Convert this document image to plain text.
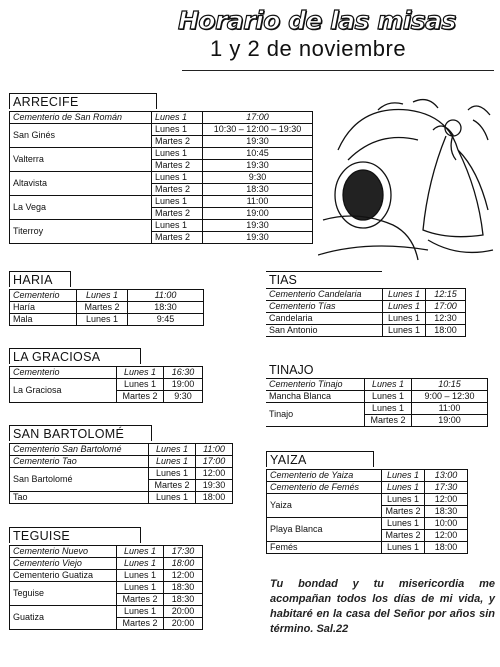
Horario de las misas
1 y 2 de noviembre
ARRECIFE
Cementerio de San Román	Lunes 1	17:00
San Ginés	Lunes 1	10:30 – 12:00 – 19:30
	Martes 2	19:30
Valterra	Lunes 1	10:45
	Martes 2	19:30
Altavista	Lunes 1	9:30
	Martes 2	18:30
La Vega	Lunes 1	11:00
	Martes 2	19:00
Titerroy	Lunes 1	19:30
	Martes 2	19:30
HARIA
Cementerio	Lunes 1	11:00
Haría	Martes 2	18:30
Mala	Lunes 1	9:45
LA GRACIOSA
Cementerio	Lunes 1	16:30
La Graciosa	Lunes 1	19:00
	Martes 2	9:30
SAN BARTOLOMÉ
Cementerio San Bartolomé	Lunes 1	11:00
Cementerio Tao	Lunes 1	17:00
San Bartolomé	Lunes 1	12:00
	Martes 2	19:30
Tao	Lunes 1	18:00
TEGUISE
Cementerio Nuevo	Lunes 1	17:30
Cementerio Viejo	Lunes 1	18:00
Cementerio Guatiza	Lunes 1	12:00
Teguise	Lunes 1	18:30
	Martes 2	18:30
Guatiza	Lunes 1	20:00
	Martes 2	20:00
TIAS
Cementerio Candelaria	Lunes 1	12:15
Cementerio Tías	Lunes 1	17:00
Candelaria	Lunes 1	12:30
San Antonio	Lunes 1	18:00
TINAJO
Cementerio Tinajo	Lunes 1	10:15
Mancha Blanca	Lunes 1	9:00 – 12:30
Tinajo	Lunes 1	11:00
	Martes 2	19:00
YAIZA
Cementerio de Yaiza	Lunes 1	13:00
Cementerio de Femés	Lunes 1	17:30
Yaiza	Lunes 1	12:00
	Martes 2	18:30
Playa Blanca	Lunes 1	10:00
	Martes 2	12:00
Femés	Lunes 1	18:00
Tu bondad y tu misericordia me acompañan todos los días de mi vida, y habitaré en la casa del Señor por años sin término. Sal.22
